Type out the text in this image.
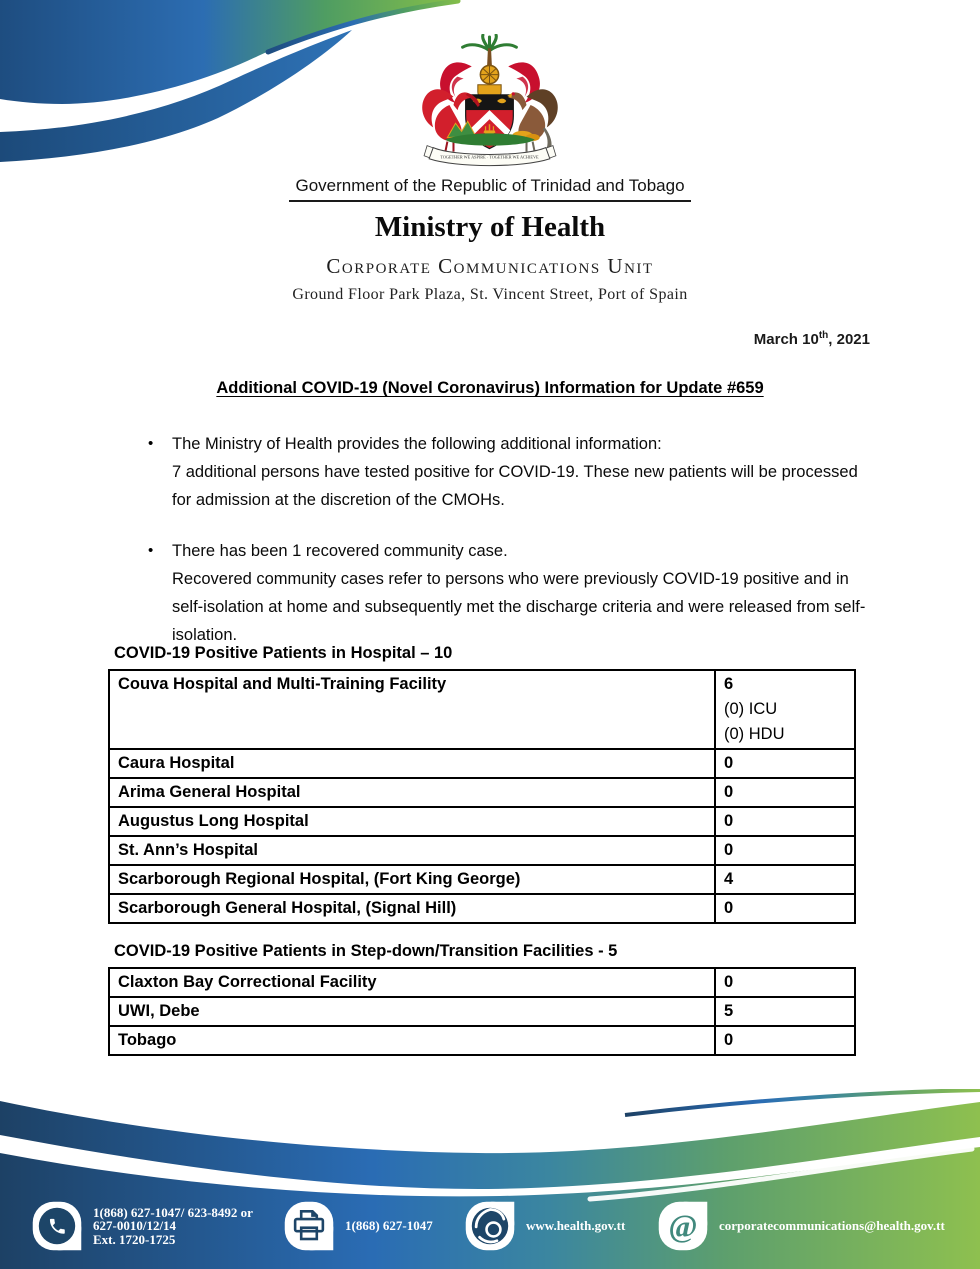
TOGETHER WE ASPIRE · TOGETHER WE ACHIEVE
Government of the Republic of Trinidad and Tobago
Ministry of Health
Corporate Communications Unit
Ground Floor Park Plaza, St. Vincent Street, Port of Spain
March 10th, 2021
Additional COVID-19 (Novel Coronavirus) Information for Update #659
•	The Ministry of Health provides the following additional information:
7 additional persons have tested positive for COVID-19. These new patients will be processed for admission at the discretion of the CMOHs.
•	There has been 1 recovered community case.
Recovered community cases refer to persons who were previously COVID-19 positive and in self-isolation at home and subsequently met the discharge criteria and were released from self-isolation.
COVID-19 Positive Patients in Hospital – 10
Couva Hospital and Multi-Training Facility	6
(0) ICU
(0) HDU

Caura Hospital	0

Arima General Hospital	0

Augustus Long Hospital	0

St. Ann’s Hospital	0

Scarborough Regional Hospital, (Fort King George)	4

Scarborough General Hospital, (Signal Hill)	0
COVID-19 Positive Patients in Step-down/Transition Facilities - 5
Claxton Bay Correctional Facility	0

UWI, Debe	5

Tobago	0
1(868) 627-1047/ 623-8492 or
627-0010/12/14
Ext. 1720-1725
1(868) 627-1047	www.health.gov.tt @ corporatecommunications@health.gov.tt
